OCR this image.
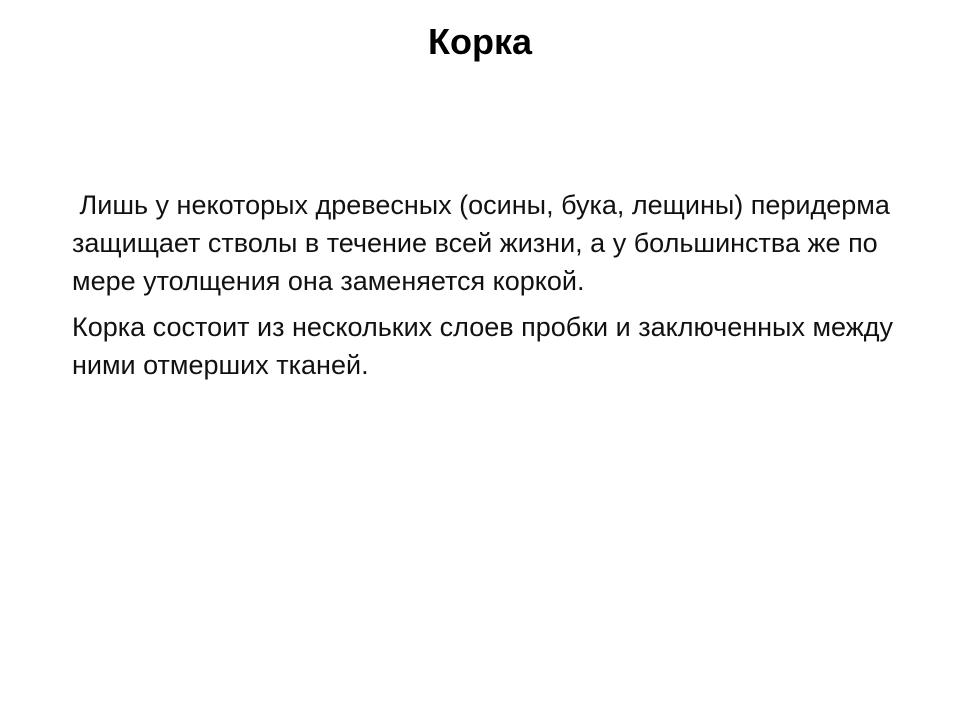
Корка

Лишь у некоторых древесных (осины, бука, лещины) перидерма защищает стволы в течение всей жизни, а у большинства же по мере утолщения она заменяется коркой.

Корка состоит из нескольких слоев пробки и заключенных между ними отмерших тканей.
